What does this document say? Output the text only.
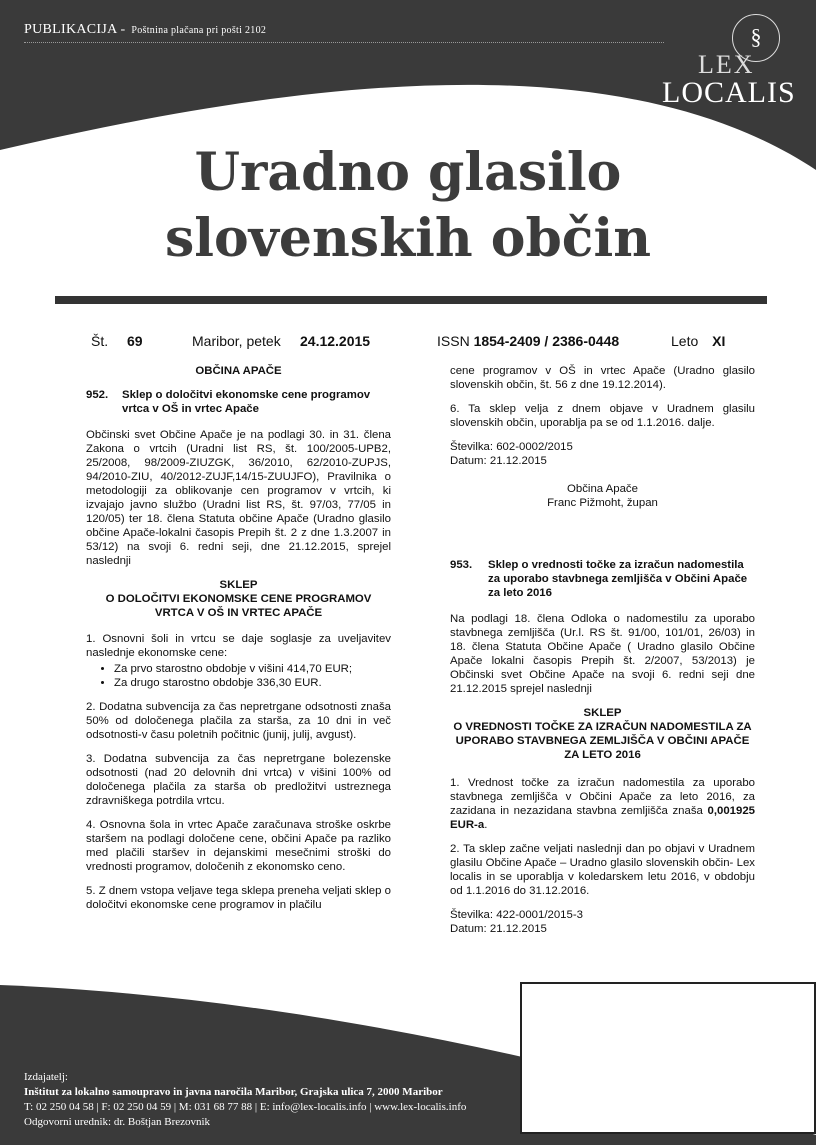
PUBLIKACIJA - Poštnina plačana pri pošti 2102	§
LEX
LOCALIS
Uradno glasilo
slovenskih občin
Št. 69	Maribor, petek 24.12.2015	ISSN 1854-2409 / 2386-0448	Leto XI
OBČINA APAČE
952.	Sklep o določitvi ekonomske cene programov vrtca v OŠ in vrtec Apače

Občinski svet Občine Apače je na podlagi 30. in 31. člena Zakona o vrtcih (Uradni list RS, št. 100/2005-UPB2, 25/2008, 98/2009-ZIUZGK, 36/2010, 62/2010-ZUPJS, 94/2010-ZIU, 40/2012-ZUJF,14/15-ZUUJFO), Pravilnika o metodologiji za oblikovanje cen programov v vrtcih, ki izvajajo javno službo (Uradni list RS, št. 97/03, 77/05 in 120/05) ter 18. člena Statuta občine Apače (Uradno glasilo občine Apače-lokalni časopis Prepih št. 2 z dne 1.3.2007 in 53/12) na svoji 6. redni seji, dne 21.12.2015, sprejel naslednji

SKLEP
O DOLOČITVI EKONOMSKE CENE PROGRAMOV
VRTCA V OŠ IN VRTEC APAČE

1. Osnovni šoli in vrtcu se daje soglasje za uveljavitev naslednje ekonomske cene:

• Za prvo starostno obdobje v višini 414,70 EUR;
• Za drugo starostno obdobje 336,30 EUR.

2. Dodatna subvencija za čas nepretrgane odsotnosti znaša 50% od določenega plačila za starša, za 10 dni in več odsotnosti-v času poletnih počitnic (junij, julij, avgust).

3. Dodatna subvencija za čas nepretrgane bolezenske odsotnosti (nad 20 delovnih dni vrtca) v višini 100% od določenega plačila za starša ob predložitvi ustreznega zdravniškega potrdila vrtcu.

4. Osnovna šola in vrtec Apače zaračunava stroške oskrbe staršem na podlagi določene cene, občini Apače pa razliko med plačili staršev in dejanskimi mesečnimi stroški do vrednosti programov, določenih z ekonomsko ceno.

5. Z dnem vstopa veljave tega sklepa preneha veljati sklep o določitvi ekonomske cene programov in plačilu

cene programov v OŠ in vrtec Apače (Uradno glasilo slovenskih občin, št. 56 z dne 19.12.2014).

6. Ta sklep velja z dnem objave v Uradnem glasilu slovenskih občin, uporablja pa se od 1.1.2016. dalje.

Številka: 602-0002/2015
Datum: 21.12.2015
Občina Apače
Franc Pižmoht, župan
953.	Sklep o vrednosti točke za izračun nadomestila za uporabo stavbnega zemljišča v Občini Apače za leto 2016

Na podlagi 18. člena Odloka o nadomestilu za uporabo stavbnega zemljišča (Ur.l. RS št. 91/00, 101/01, 26/03) in 18. člena Statuta Občine Apače ( Uradno glasilo Občine Apače lokalni časopis Prepih št. 2/2007, 53/2013) je Občinski svet Občine Apače na svoji 6. redni seji dne 21.12.2015 sprejel naslednji

SKLEP
O VREDNOSTI TOČKE ZA IZRAČUN NADOMESTILA ZA UPORABO STAVBNEGA ZEMLJIŠČA V OBČINI APAČE ZA LETO 2016

1. Vrednost točke za izračun nadomestila za uporabo stavbnega zemljišča v Občini Apače za leto 2016, za zazidana in nezazidana stavbna zemljišča znaša 0,001925 EUR-a.

2. Ta sklep začne veljati naslednji dan po objavi v Uradnem glasilu Občine Apače – Uradno glasilo slovenskih občin- Lex localis in se uporablja v koledarskem letu 2016, v obdobju od 1.1.2016 do 31.12.2016.

Številka: 422-0001/2015-3
Datum: 21.12.2015
Izdajatelj:
Inštitut za lokalno samoupravo in javna naročila Maribor, Grajska ulica 7, 2000 Maribor
T: 02 250 04 58 | F: 02 250 04 59 | M: 031 68 77 88 | E: info@lex-localis.info | www.lex-localis.info
Odgovorni urednik: dr. Boštjan Brezovnik
